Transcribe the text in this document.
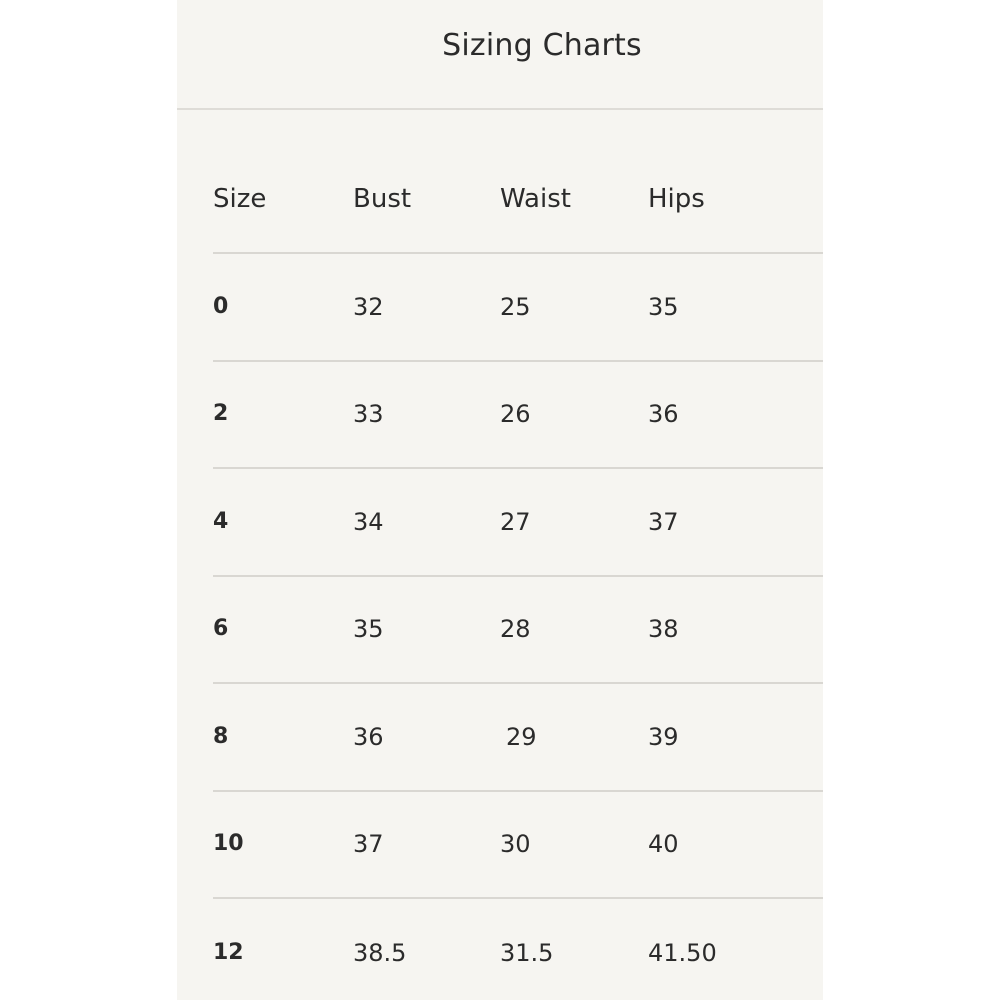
Sizing Charts
Size	Bust	Waist	Hips
0	32	25	35
2	33	26	36
4	34	27	37
6	35	28	38
8	36	29	39
10	37	30	40
12	38.5	31.5	41.50
